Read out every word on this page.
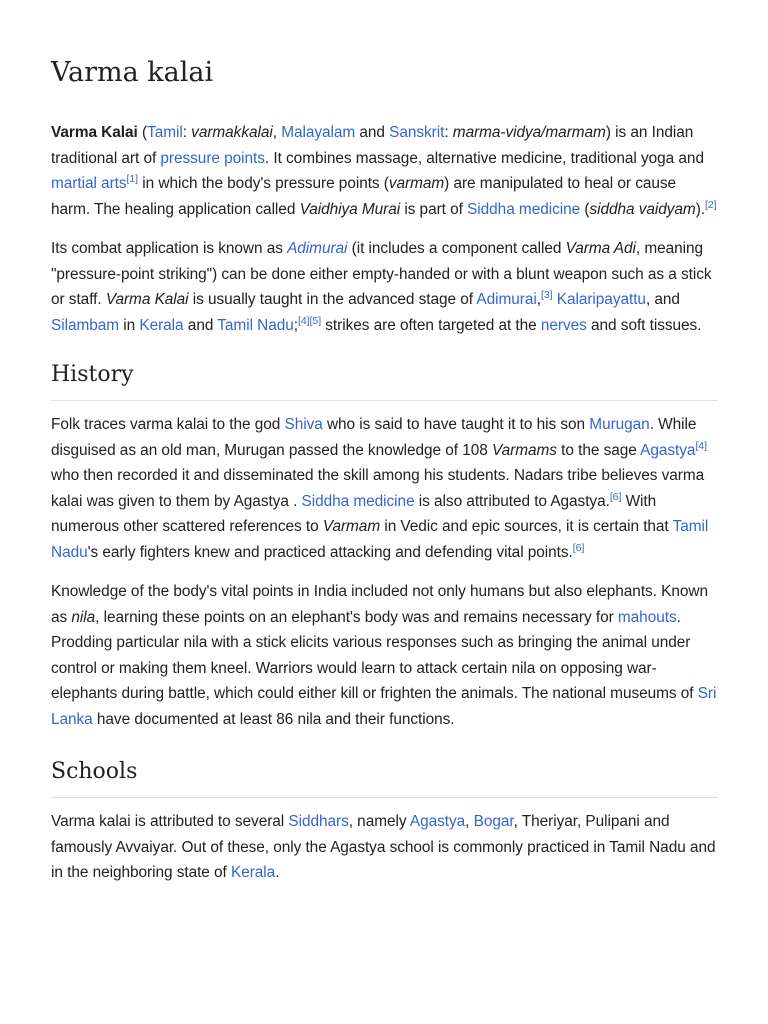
Varma kalai

Varma Kalai (Tamil: varmakkalai, Malayalam and Sanskrit: marma-vidya/marmam) is an Indian traditional art of pressure points. It combines massage, alternative medicine, traditional yoga and martial arts[1] in which the body's pressure points (varmam) are manipulated to heal or cause harm. The healing application called Vaidhiya Murai is part of Siddha medicine (siddha vaidyam).[2]

Its combat application is known as Adimurai (it includes a component called Varma Adi, meaning "pressure-point striking") can be done either empty-handed or with a blunt weapon such as a stick or staff. Varma Kalai is usually taught in the advanced stage of Adimurai,[3] Kalaripayattu, and Silambam in Kerala and Tamil Nadu;[4][5] strikes are often targeted at the nerves and soft tissues.

History

Folk traces varma kalai to the god Shiva who is said to have taught it to his son Murugan. While disguised as an old man, Murugan passed the knowledge of 108 Varmams to the sage Agastya[4] who then recorded it and disseminated the skill among his students. Nadars tribe believes varma kalai was given to them by Agastya . Siddha medicine is also attributed to Agastya.[6] With numerous other scattered references to Varmam in Vedic and epic sources, it is certain that Tamil Nadu's early fighters knew and practiced attacking and defending vital points.[6]

Knowledge of the body's vital points in India included not only humans but also elephants. Known as nila, learning these points on an elephant's body was and remains necessary for mahouts. Prodding particular nila with a stick elicits various responses such as bringing the animal under control or making them kneel. Warriors would learn to attack certain nila on opposing war-elephants during battle, which could either kill or frighten the animals. The national museums of Sri Lanka have documented at least 86 nila and their functions.

Schools

Varma kalai is attributed to several Siddhars, namely Agastya, Bogar, Theriyar, Pulipani and famously Avvaiyar. Out of these, only the Agastya school is commonly practiced in Tamil Nadu and in the neighboring state of Kerala.
